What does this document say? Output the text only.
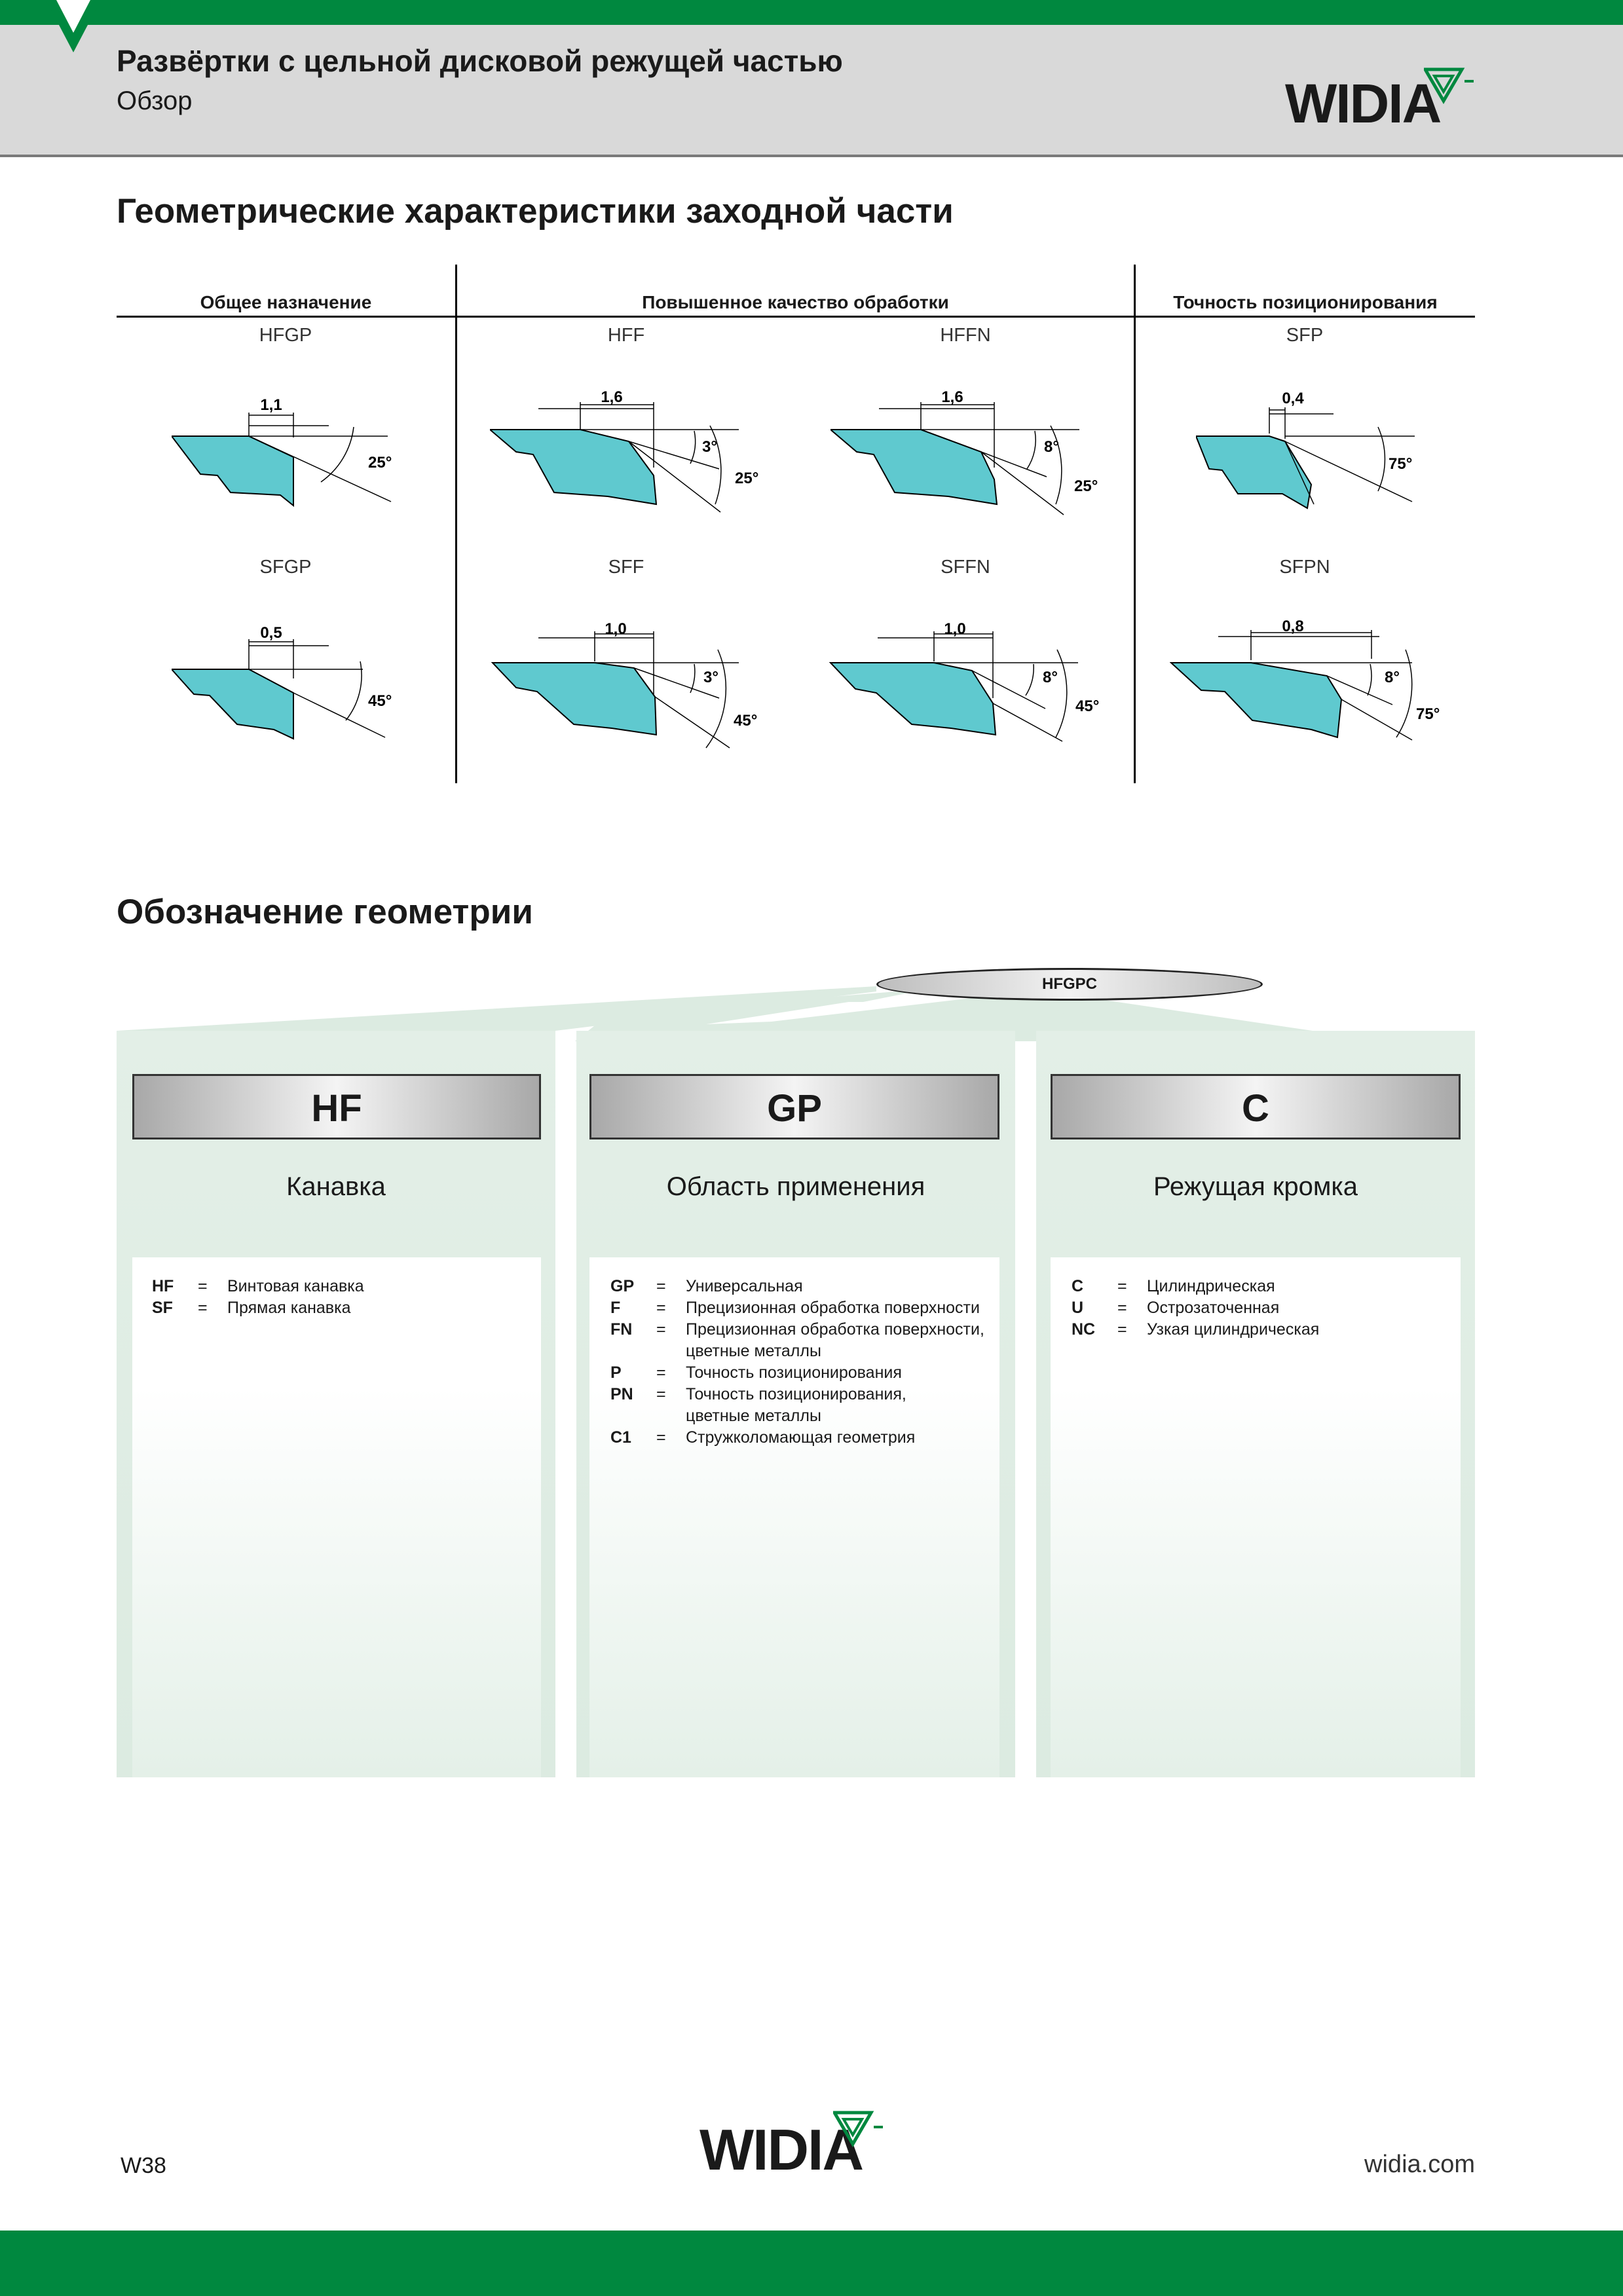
Развёртки с цельной дисковой режущей частью
Обзор	WIDIA
Геометрические характеристики заходной части
Общее назначение	Повышенное качество обработки	Точность позиционирования
HFGP	HFF	HFFN	SFP
SFGP	SFF	SFFN	SFPN
1,1
25°
1,6
3°
25°
1,6
8°
25°
0,4
75°
0,5
45°
1,0
3°
45°
1,0
8°
45°
0,8
8°
75°
Обозначение геометрии
HFGPC
HF
Канавка
HF = Винтовая канавка
SF = Прямая канавка
GP
Область применения
GP = Универсальная
F = Прецизионная обработка поверхности
FN = Прецизионная обработка поверхности,
цветные металлы
P = Точность позиционирования
PN = Точность позиционирования,
цветные металлы
C1 = Стружколомающая геометрия
C
Режущая кромка
C = Цилиндрическая
U = Острозаточенная
NC = Узкая цилиндрическая
W38	widia.com
WIDIA
